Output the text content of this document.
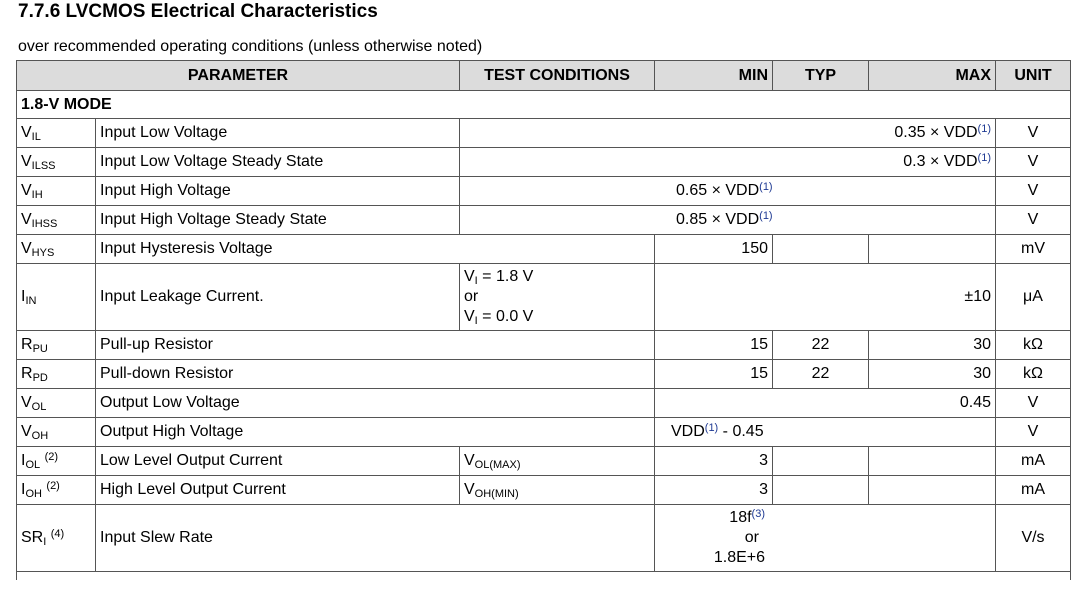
7.7.6 LVCMOS Electrical Characteristics
over recommended operating conditions (unless otherwise noted)
PARAMETER		TEST CONDITIONS	MIN	TYP	MAX	UNIT
1.8-V MODE						
$V_{IL}$	Input Low Voltage	$0.35 \times VDD^{(1)}$				V
$V_{ILSS}$	Input Low Voltage Steady State	$0.3 \times VDD^{(1)}$				V
$V_{IH}$	Input High Voltage	$0.65 \times VDD^{(1)}$				V
$V_{IHSS}$	Input High Voltage Steady State	$0.85 \times VDD^{(1)}$				V
$V_{HYS}$	Input Hysteresis Voltage		150			mV
$I_{IN}$	Input Leakage Current.	$V_I = 1.8$ V
or
$V_I = 0.0$ V	±10			μA
$R_{PU}$	Pull-up Resistor		15	22	30	kΩ
$R_{PD}$	Pull-down Resistor		15	22	30	kΩ
$V_{OL}$	Output Low Voltage		0.45			V
$V_{OH}$	Output High Voltage		VDD$^{(1)}$ - 0.45			V
$I_{OL}$ $^{(2)}$	Low Level Output Current	$V_{OL(MAX)}$	3			mA
$I_{OH}$ $^{(2)}$	High Level Output Current	$V_{OH(MIN)}$	3			mA
$SR_I$ $^{(4)}$	Input Slew Rate		$18f^{(3)}$
or
1.8E+6			V/s
